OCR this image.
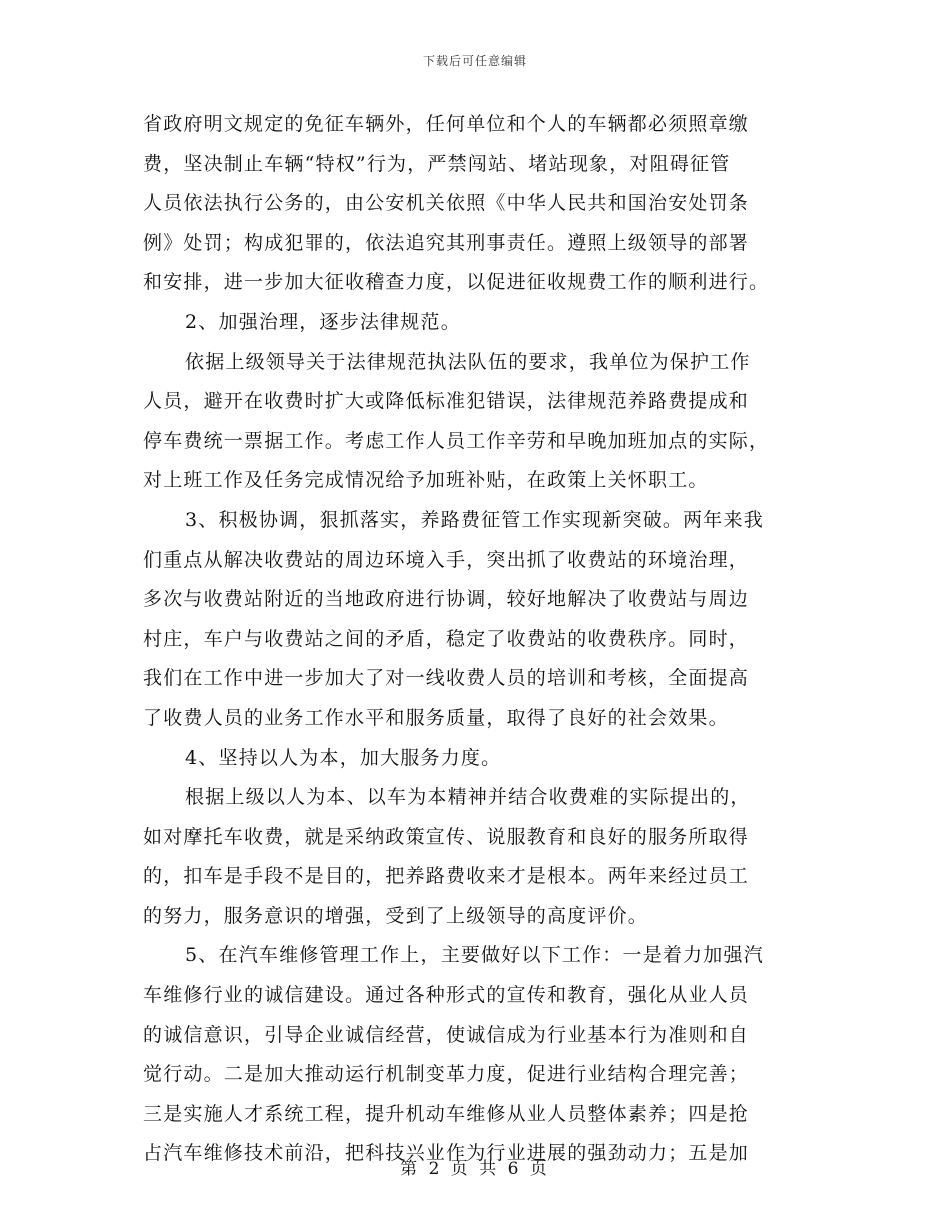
下载后可任意编辑
省政府明文规定的免征车辆外，任何单位和个人的车辆都必须照章缴
费，坚决制止车辆“特权”行为，严禁闯站、堵站现象，对阻碍征管
人员依法执行公务的，由公安机关依照《中华人民共和国治安处罚条
例》处罚；构成犯罪的，依法追究其刑事责任。遵照上级领导的部署
和安排，进一步加大征收稽查力度，以促进征收规费工作的顺利进行。
2、加强治理，逐步法律规范。
依据上级领导关于法律规范执法队伍的要求，我单位为保护工作
人员，避开在收费时扩大或降低标准犯错误，法律规范养路费提成和
停车费统一票据工作。考虑工作人员工作辛劳和早晚加班加点的实际，
对上班工作及任务完成情况给予加班补贴，在政策上关怀职工。
3、积极协调，狠抓落实，养路费征管工作实现新突破。两年来我
们重点从解决收费站的周边环境入手，突出抓了收费站的环境治理，
多次与收费站附近的当地政府进行协调，较好地解决了收费站与周边
村庄，车户与收费站之间的矛盾，稳定了收费站的收费秩序。同时，
我们在工作中进一步加大了对一线收费人员的培训和考核，全面提高
了收费人员的业务工作水平和服务质量，取得了良好的社会效果。
4、坚持以人为本，加大服务力度。
根据上级以人为本、以车为本精神并结合收费难的实际提出的，
如对摩托车收费，就是采纳政策宣传、说服教育和良好的服务所取得
的，扣车是手段不是目的，把养路费收来才是根本。两年来经过员工
的努力，服务意识的增强，受到了上级领导的高度评价。
5、在汽车维修管理工作上，主要做好以下工作：一是着力加强汽
车维修行业的诚信建设。通过各种形式的宣传和教育，强化从业人员
的诚信意识，引导企业诚信经营，使诚信成为行业基本行为准则和自
觉行动。二是加大推动运行机制变革力度，促进行业结构合理完善；
三是实施人才系统工程，提升机动车维修从业人员整体素养；四是抢
占汽车维修技术前沿，把科技兴业作为行业进展的强劲动力；五是加
第 2 页 共 6 页
